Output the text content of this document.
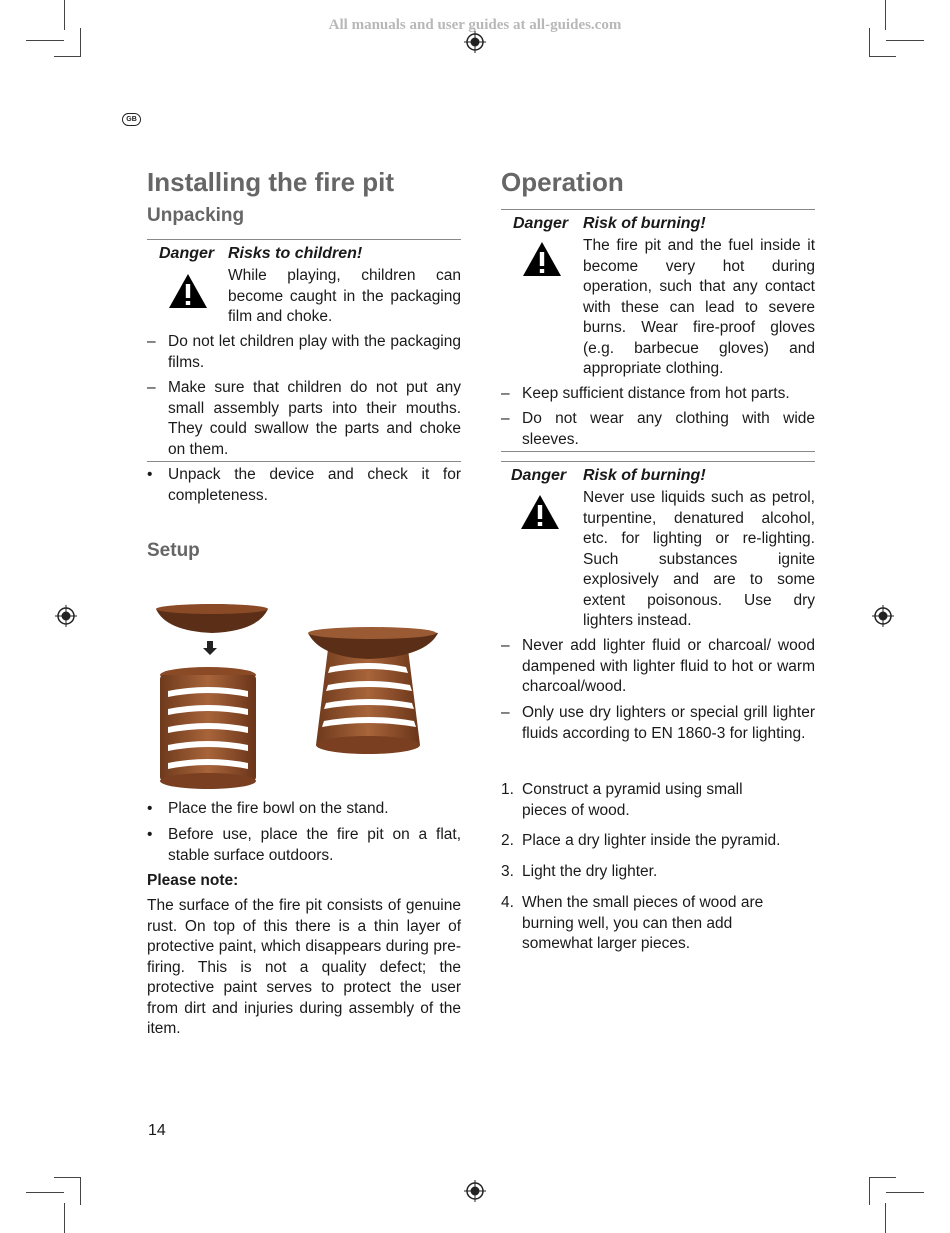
All manuals and user guides at all-guides.com
GB
Installing the fire pit
Unpacking
Danger Risks to children!
While playing, children can become caught in the packaging film and choke.
– Do not let children play with the packaging films.
– Make sure that children do not put any small assembly parts into their mouths. They could swallow the parts and choke on them.
• Unpack the device and check it for completeness.
Setup
• Place the fire bowl on the stand.
• Before use, place the fire pit on a flat, stable surface outdoors.
Please note:
The surface of the fire pit consists of genuine rust. On top of this there is a thin layer of protective paint, which disappears during pre-firing. This is not a quality defect; the protective paint serves to protect the user from dirt and injuries during assembly of the item.
14
Operation
Danger Risk of burning!
The fire pit and the fuel inside it become very hot during operation, such that any contact with these can lead to severe burns. Wear fire-proof gloves (e.g. barbecue gloves) and appropriate clothing.
– Keep sufficient distance from hot parts.
– Do not wear any clothing with wide sleeves.
Danger Risk of burning!
Never use liquids such as petrol, turpentine, denatured alcohol, etc. for lighting or re-lighting. Such substances ignite explosively and are to some extent poisonous. Use dry lighters instead.
– Never add lighter fluid or charcoal/ wood dampened with lighter fluid to hot or warm charcoal/wood.
– Only use dry lighters or special grill lighter fluids according to EN 1860-3 for lighting.
1. Construct a pyramid using small pieces of wood.
2. Place a dry lighter inside the pyramid.
3. Light the dry lighter.
4. When the small pieces of wood are burning well, you can then add somewhat larger pieces.
